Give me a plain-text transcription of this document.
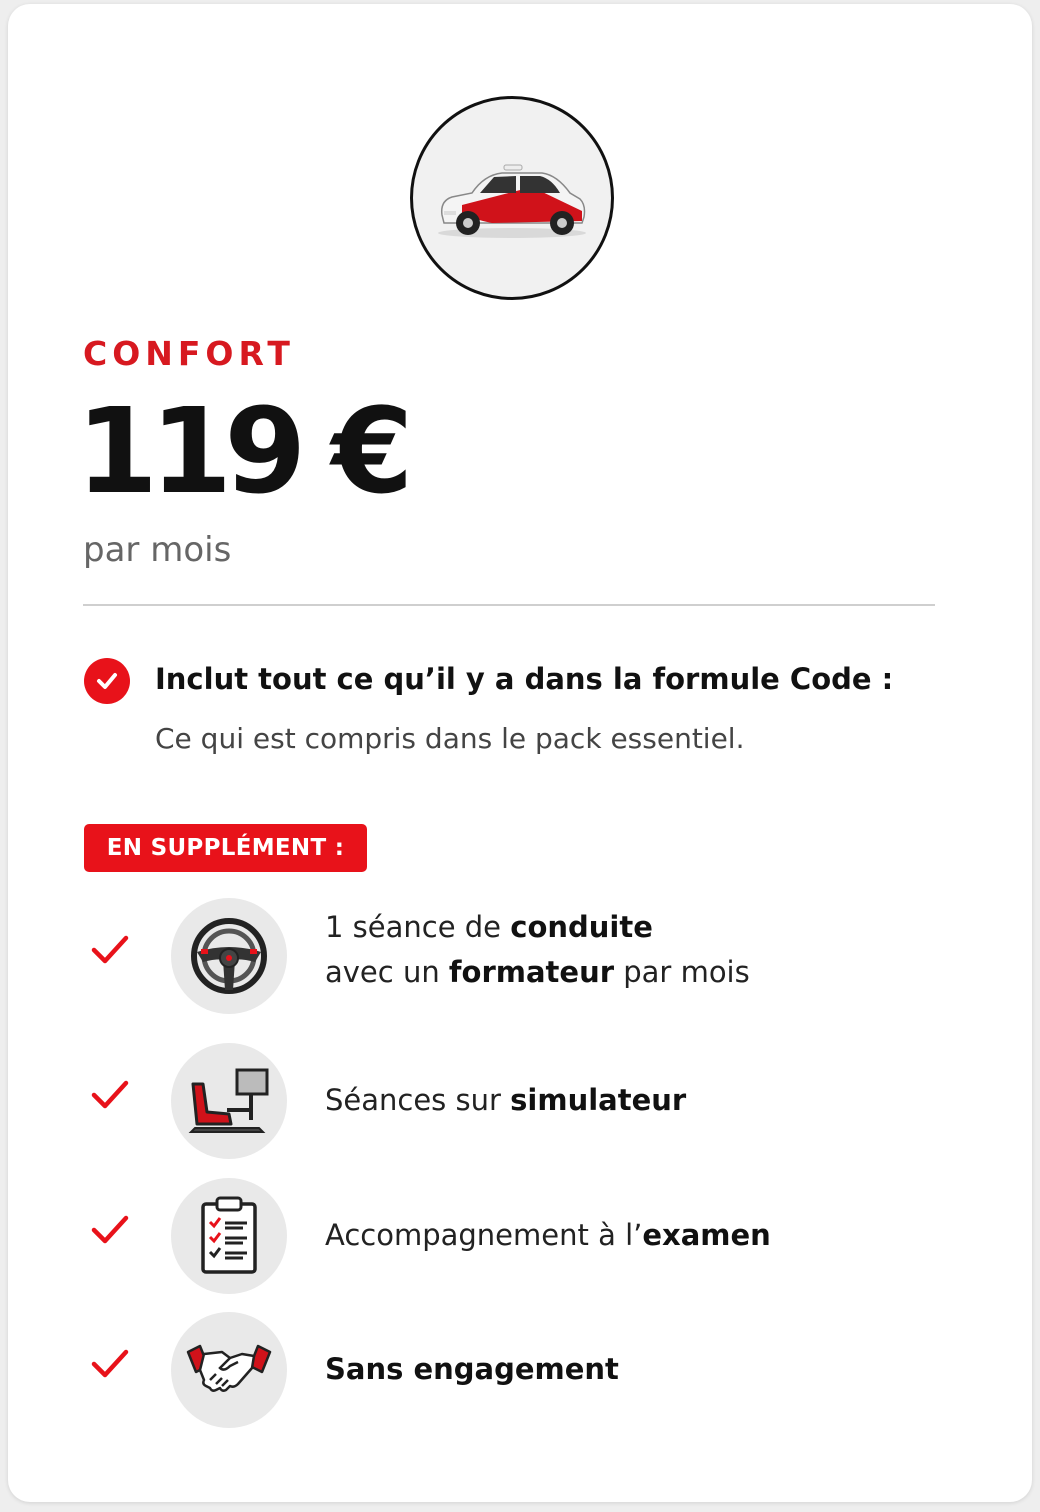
CONFORT
119 €
par mois
Inclut tout ce qu’il y a dans la formule Code :
Ce qui est compris dans le pack essentiel.
EN SUPPLÉMENT :
1 séance de conduite
avec un formateur par mois
Séances sur simulateur
Accompagnement à l’examen
Sans engagement
